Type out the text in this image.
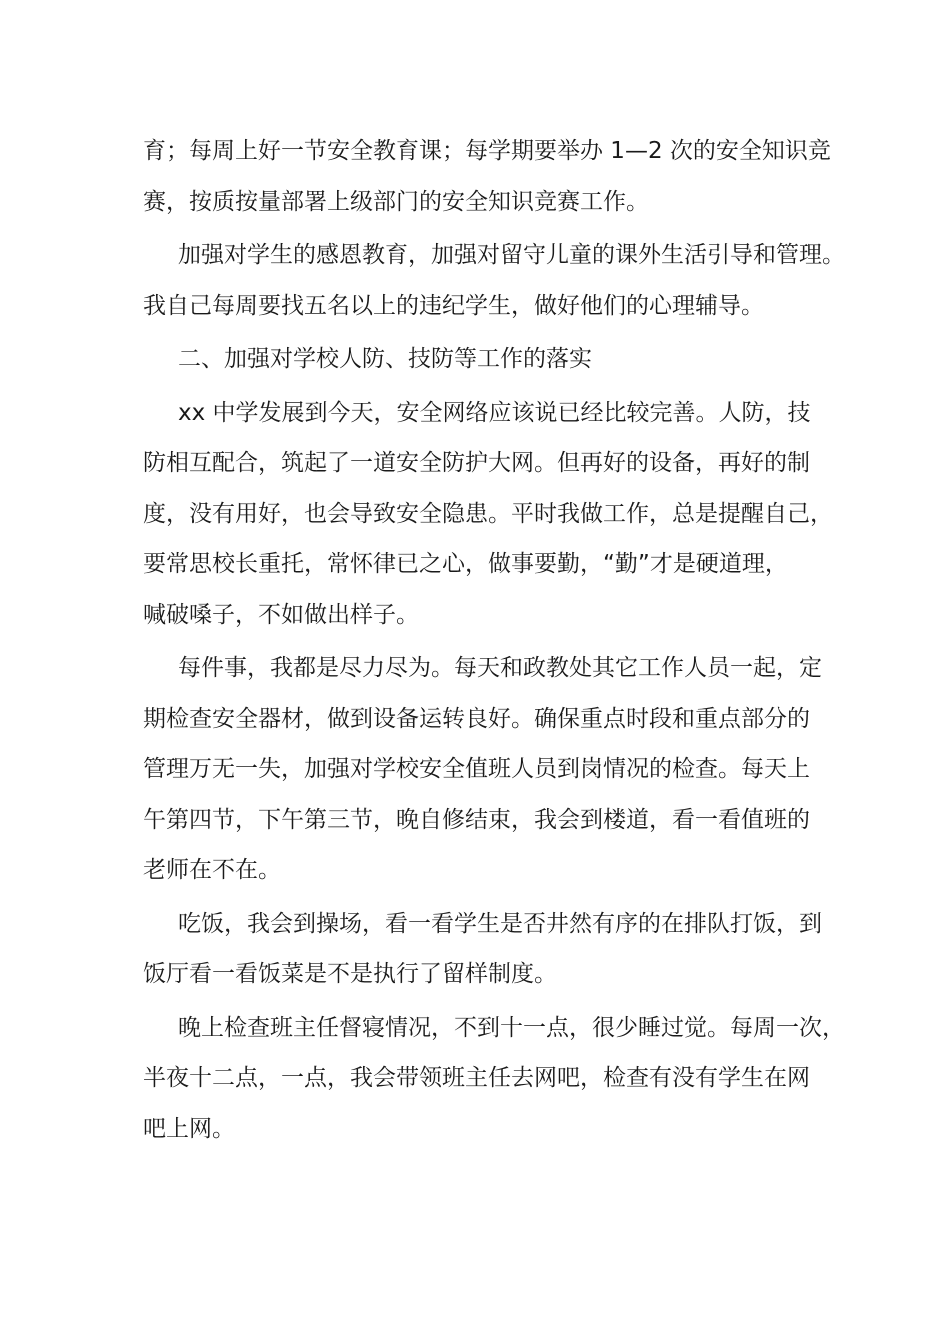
育；每周上好一节安全教育课；每学期要举办 1—2 次的安全知识竞
赛，按质按量部署上级部门的安全知识竞赛工作。
加强对学生的感恩教育，加强对留守儿童的课外生活引导和管理。
我自己每周要找五名以上的违纪学生，做好他们的心理辅导。
二、加强对学校人防、技防等工作的落实
xx 中学发展到今天，安全网络应该说已经比较完善。人防，技
防相互配合，筑起了一道安全防护大网。但再好的设备，再好的制
度，没有用好，也会导致安全隐患。平时我做工作，总是提醒自己，
要常思校长重托，常怀律已之心，做事要勤，“勤”才是硬道理，
喊破嗓子，不如做出样子。
每件事，我都是尽力尽为。每天和政教处其它工作人员一起，定
期检查安全器材，做到设备运转良好。确保重点时段和重点部分的
管理万无一失，加强对学校安全值班人员到岗情况的检查。每天上
午第四节，下午第三节，晚自修结束，我会到楼道，看一看值班的
老师在不在。
吃饭，我会到操场，看一看学生是否井然有序的在排队打饭，到
饭厅看一看饭菜是不是执行了留样制度。
晚上检查班主任督寝情况，不到十一点，很少睡过觉。每周一次，
半夜十二点，一点，我会带领班主任去网吧，检查有没有学生在网
吧上网。
